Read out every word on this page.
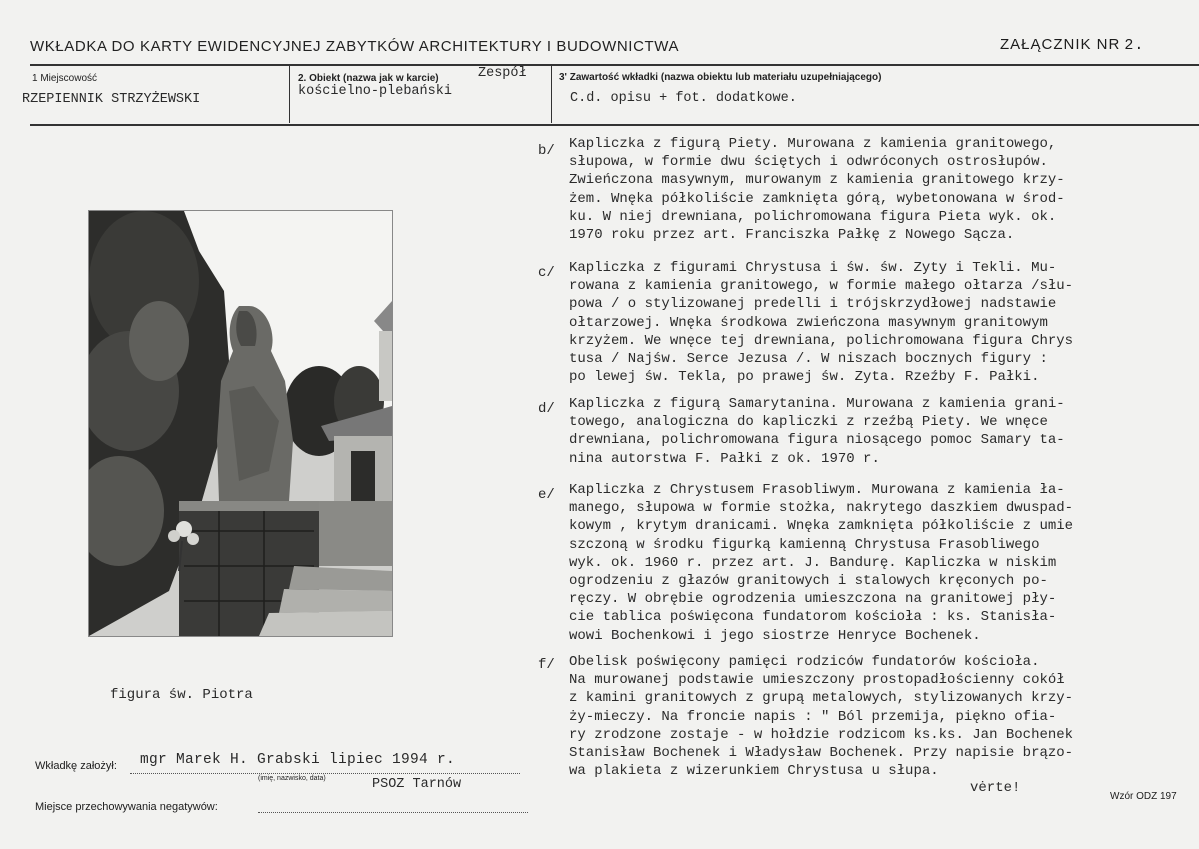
WKŁADKA DO KARTY EWIDENCYJNEJ ZABYTKÓW ARCHITEKTURY I BUDOWNICTWA	ZAŁĄCZNIK NR 2.
1 Miejscowość
RZEPIENNIK STRZYŻEWSKI
2. Obiekt (nazwa jak w karcie)	Zespół
kościelno-plebański
3' Zawartość wkładki (nazwa obiektu lub materiału uzupełniającego)
C.d. opisu + fot. dodatkowe.
b/ Kapliczka z figurą Piety. Murowana z kamienia granitowego,
słupowa, w formie dwu ściętych i odwróconych ostrosłupów.
Zwieńczona masywnym, murowanym z kamienia granitowego krzy-
żem. Wnęka półkoliście zamknięta górą, wybetonowana w środ-
ku. W niej drewniana, polichromowana figura Pieta wyk. ok.
1970 roku przez art. Franciszka Pałkę z Nowego Sącza.
c/ Kapliczka z figurami Chrystusa i św. św. Zyty i Tekli. Mu-
rowana z kamienia granitowego, w formie małego ołtarza /słu-
powa / o stylizowanej predelli i trójskrzydłowej nadstawie
ołtarzowej. Wnęka środkowa zwieńczona masywnym granitowym
krzyżem. We wnęce tej drewniana, polichromowana figura Chrys
tusa / Najśw. Serce Jezusa /. W niszach bocznych figury :
po lewej św. Tekla, po prawej św. Zyta. Rzeźby F. Pałki.
d/ Kapliczka z figurą Samarytanina. Murowana z kamienia grani-
towego, analogiczna do kapliczki z rzeźbą Piety. We wnęce
drewniana, polichromowana figura niosącego pomoc Samary ta-
nina autorstwa F. Pałki z ok. 1970 r.
e/ Kapliczka z Chrystusem Frasobliwym. Murowana z kamienia ła-
manego, słupowa w formie stożka, nakrytego daszkiem dwuspad-
kowym , krytym dranicami. Wnęka zamknięta półkoliście z umie
szczoną w środku figurką kamienną Chrystusa Frasobliwego
wyk. ok. 1960 r. przez art. J. Bandurę. Kapliczka w niskim
ogrodzeniu z głazów granitowych i stalowych kręconych po-
ręczy. W obrębie ogrodzenia umieszczona na granitowej pły-
cie tablica poświęcona fundatorom kościoła : ks. Stanisła-
wowi Bochenkowi i jego siostrze Henryce Bochenek.
f/ Obelisk poświęcony pamięci rodziców fundatorów kościoła.
Na murowanej podstawie umieszczony prostopadłościenny cokół
z kamini granitowych z grupą metalowych, stylizowanych krzy-
ży-mieczy. Na froncie napis : " Ból przemija, piękno ofia-
ry zrodzone zostaje - w hołdzie rodzicom ks.ks. Jan Bochenek
Stanisław Bochenek i Władysław Bochenek. Przy napisie brązo-
wa plakieta z wizerunkiem Chrystusa u słupa.
vėrte!
figura św. Piotra
Wkładkę założył: mgr Marek H. Grabski lipiec 1994 r.
(imię, nazwisko, data)	PSOZ Tarnów
Miejsce przechowywania negatywów:
Wzór ODZ 197
